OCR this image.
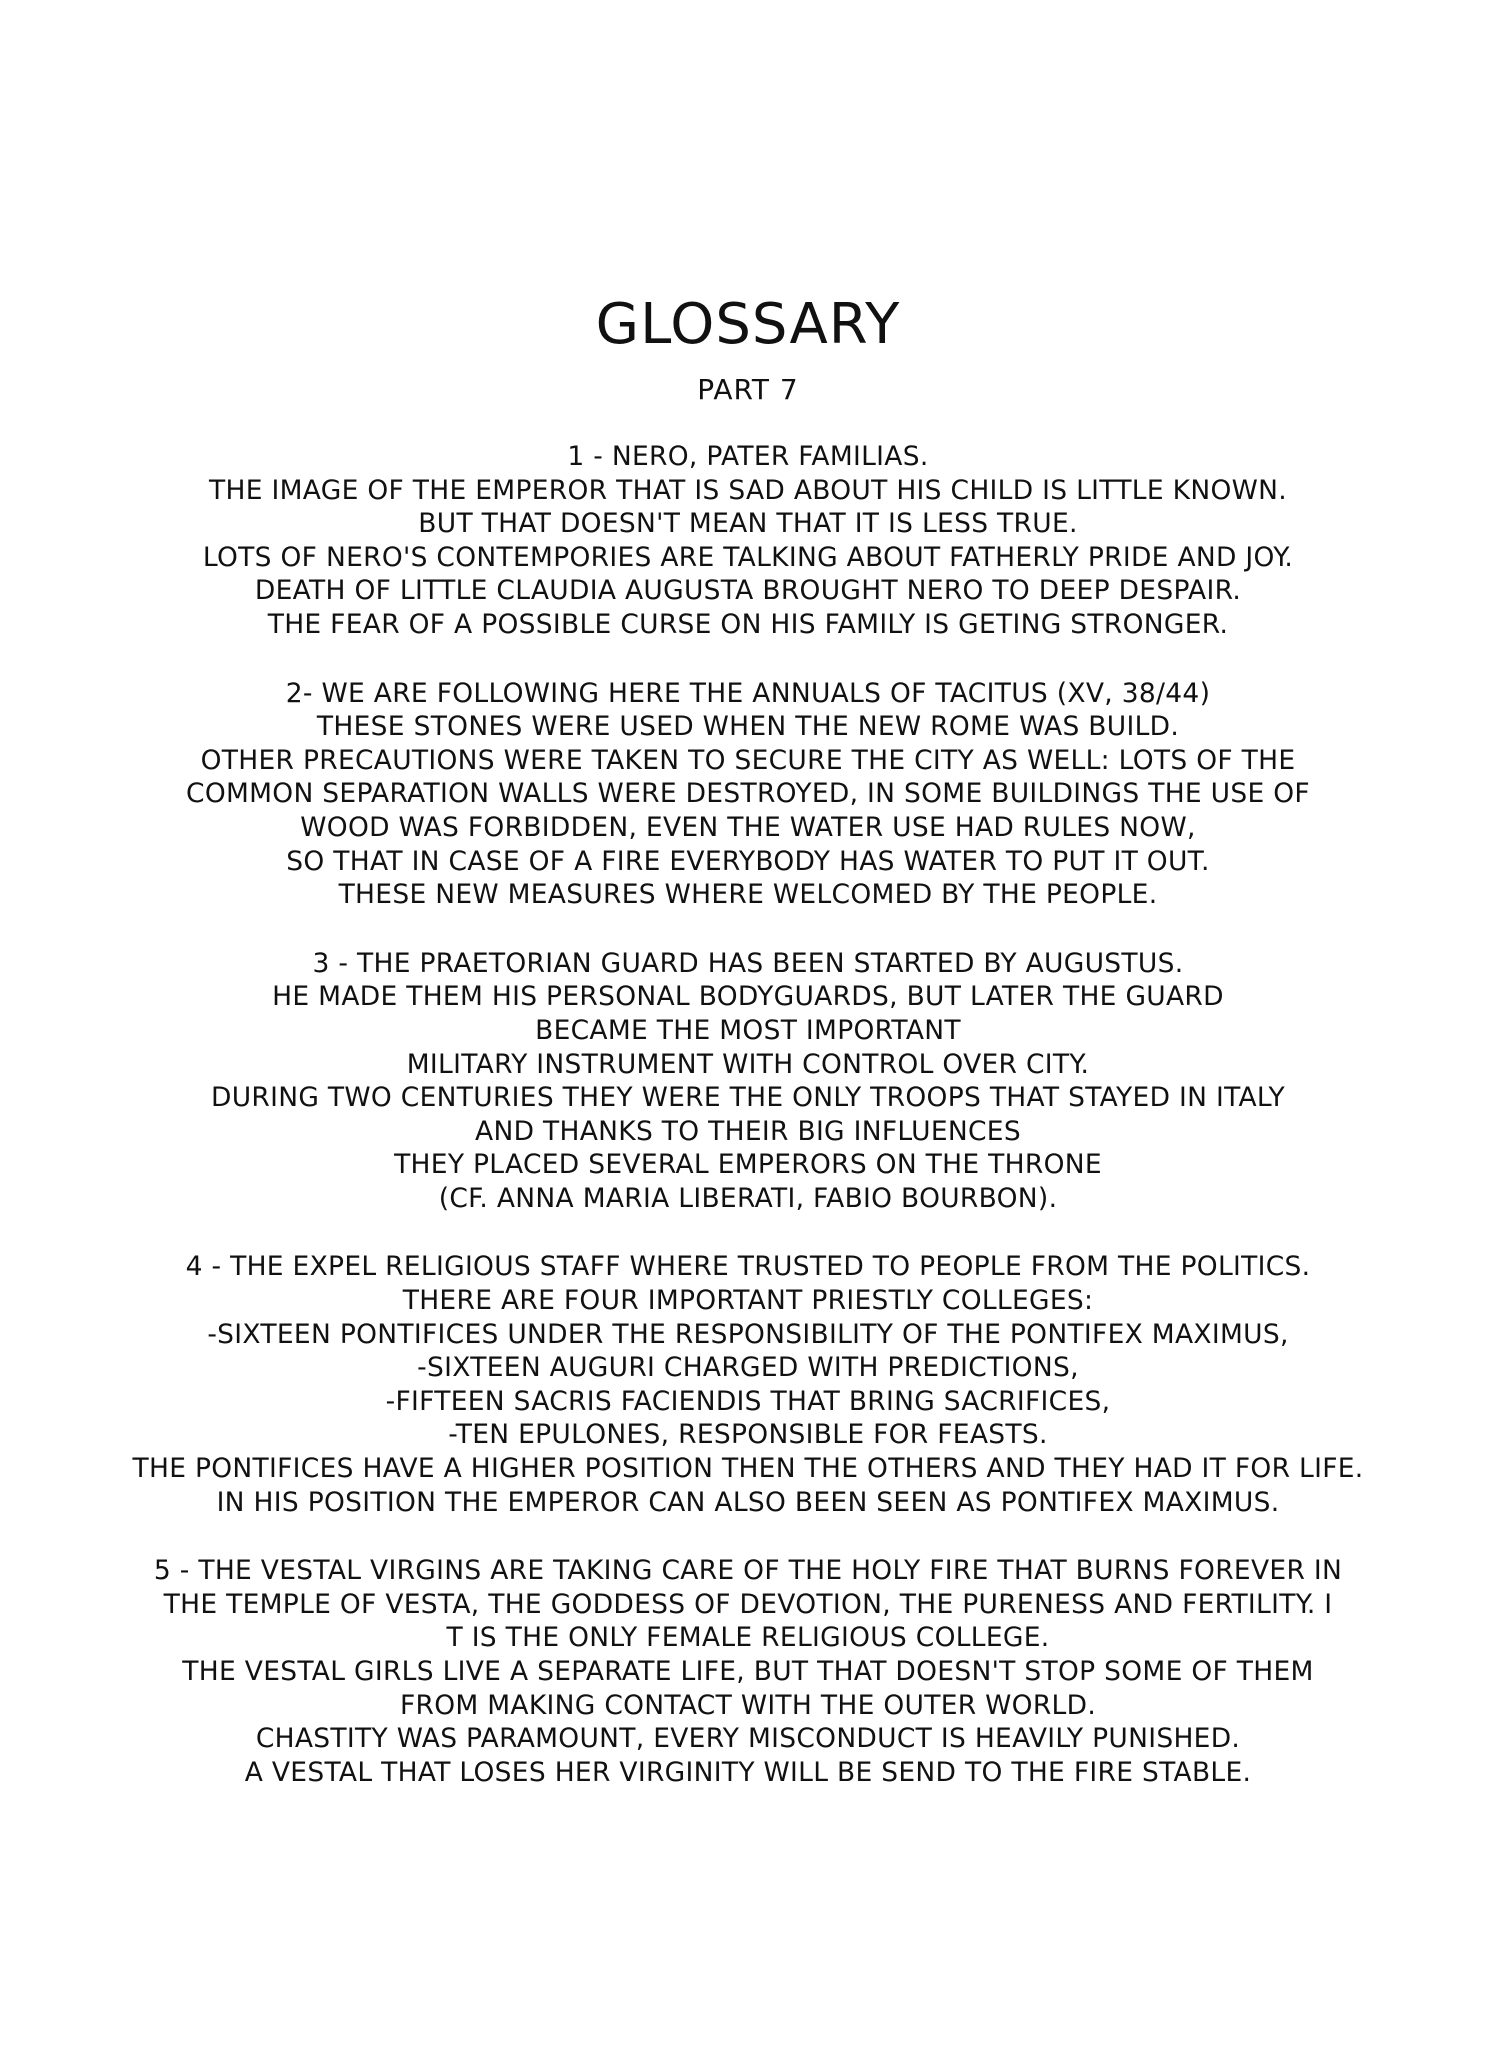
GLOSSARY
PART 7
1 - NERO, PATER FAMILIAS.
THE IMAGE OF THE EMPEROR THAT IS SAD ABOUT HIS CHILD IS LITTLE KNOWN.
BUT THAT DOESN'T MEAN THAT IT IS LESS TRUE.
LOTS OF NERO'S CONTEMPORIES ARE TALKING ABOUT FATHERLY PRIDE AND JOY.
DEATH OF LITTLE CLAUDIA AUGUSTA BROUGHT NERO TO DEEP DESPAIR.
THE FEAR OF A POSSIBLE CURSE ON HIS FAMILY IS GETING STRONGER.
2- WE ARE FOLLOWING HERE THE ANNUALS OF TACITUS (XV, 38/44)
THESE STONES WERE USED WHEN THE NEW ROME WAS BUILD.
OTHER PRECAUTIONS WERE TAKEN TO SECURE THE CITY AS WELL: LOTS OF THE
COMMON SEPARATION WALLS WERE DESTROYED, IN SOME BUILDINGS THE USE OF
WOOD WAS FORBIDDEN, EVEN THE WATER USE HAD RULES NOW,
SO THAT IN CASE OF A FIRE EVERYBODY HAS WATER TO PUT IT OUT.
THESE NEW MEASURES WHERE WELCOMED BY THE PEOPLE.
3 - THE PRAETORIAN GUARD HAS BEEN STARTED BY AUGUSTUS.
HE MADE THEM HIS PERSONAL BODYGUARDS, BUT LATER THE GUARD
BECAME THE MOST IMPORTANT
MILITARY INSTRUMENT WITH CONTROL OVER CITY.
DURING TWO CENTURIES THEY WERE THE ONLY TROOPS THAT STAYED IN ITALY
AND THANKS TO THEIR BIG INFLUENCES
THEY PLACED SEVERAL EMPERORS ON THE THRONE
(CF. ANNA MARIA LIBERATI, FABIO BOURBON).
4 - THE EXPEL RELIGIOUS STAFF WHERE TRUSTED TO PEOPLE FROM THE POLITICS.
THERE ARE FOUR IMPORTANT PRIESTLY COLLEGES:
-SIXTEEN PONTIFICES UNDER THE RESPONSIBILITY OF THE PONTIFEX MAXIMUS,
-SIXTEEN AUGURI CHARGED WITH PREDICTIONS,
-FIFTEEN SACRIS FACIENDIS THAT BRING SACRIFICES,
-TEN EPULONES, RESPONSIBLE FOR FEASTS.
THE PONTIFICES HAVE A HIGHER POSITION THEN THE OTHERS AND THEY HAD IT FOR LIFE.
IN HIS POSITION THE EMPEROR CAN ALSO BEEN SEEN AS PONTIFEX MAXIMUS.
5 - THE VESTAL VIRGINS ARE TAKING CARE OF THE HOLY FIRE THAT BURNS FOREVER IN
THE TEMPLE OF VESTA, THE GODDESS OF DEVOTION, THE PURENESS AND FERTILITY. I
T IS THE ONLY FEMALE RELIGIOUS COLLEGE.
THE VESTAL GIRLS LIVE A SEPARATE LIFE, BUT THAT DOESN'T STOP SOME OF THEM
FROM MAKING CONTACT WITH THE OUTER WORLD.
CHASTITY WAS PARAMOUNT, EVERY MISCONDUCT IS HEAVILY PUNISHED.
A VESTAL THAT LOSES HER VIRGINITY WILL BE SEND TO THE FIRE STABLE.
